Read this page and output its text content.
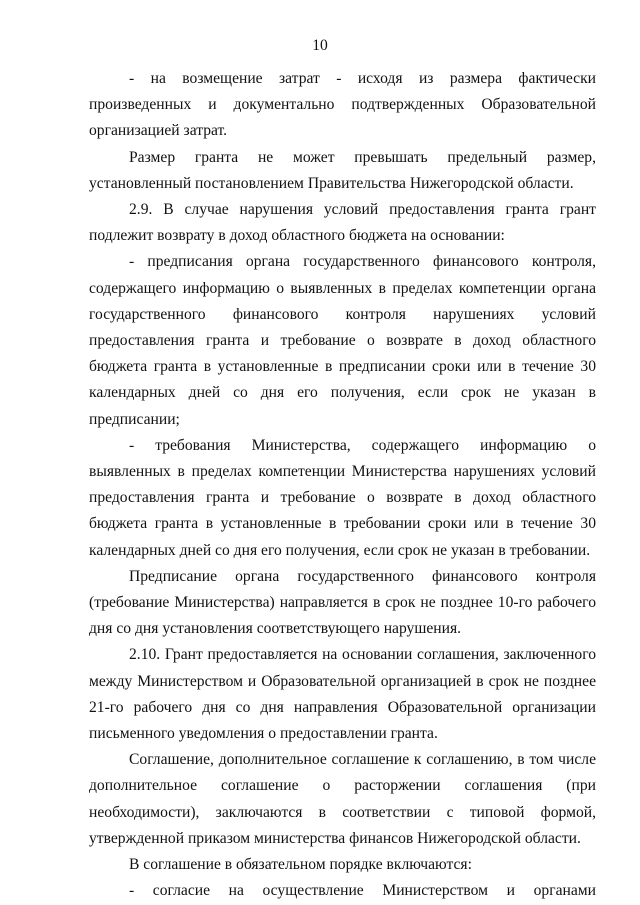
10

- на возмещение затрат - исходя из размера фактически произведенных и документально подтвержденных Образовательной организацией затрат.

Размер гранта не может превышать предельный размер, установленный постановлением Правительства Нижегородской области.

2.9. В случае нарушения условий предоставления гранта грант подлежит возврату в доход областного бюджета на основании:

- предписания органа государственного финансового контроля, содержащего информацию о выявленных в пределах компетенции органа государственного финансового контроля нарушениях условий предоставления гранта и требование о возврате в доход областного бюджета гранта в установленные в предписании сроки или в течение 30 календарных дней со дня его получения, если срок не указан в предписании;

- требования Министерства, содержащего информацию о выявленных в пределах компетенции Министерства нарушениях условий предоставления гранта и требование о возврате в доход областного бюджета гранта в установленные в требовании сроки или в течение 30 календарных дней со дня его получения, если срок не указан в требовании.

Предписание органа государственного финансового контроля (требование Министерства) направляется в срок не позднее 10-го рабочего дня со дня установления соответствующего нарушения.

2.10. Грант предоставляется на основании соглашения, заключенного между Министерством и Образовательной организацией в срок не позднее 21-го рабочего дня со дня направления Образовательной организации письменного уведомления о предоставлении гранта.

Соглашение, дополнительное соглашение к соглашению, в том числе дополнительное соглашение о расторжении соглашения (при необходимости), заключаются в соответствии с типовой формой, утвержденной приказом министерства финансов Нижегородской области.

В соглашение в обязательном порядке включаются:

- согласие на осуществление Министерством и органами
